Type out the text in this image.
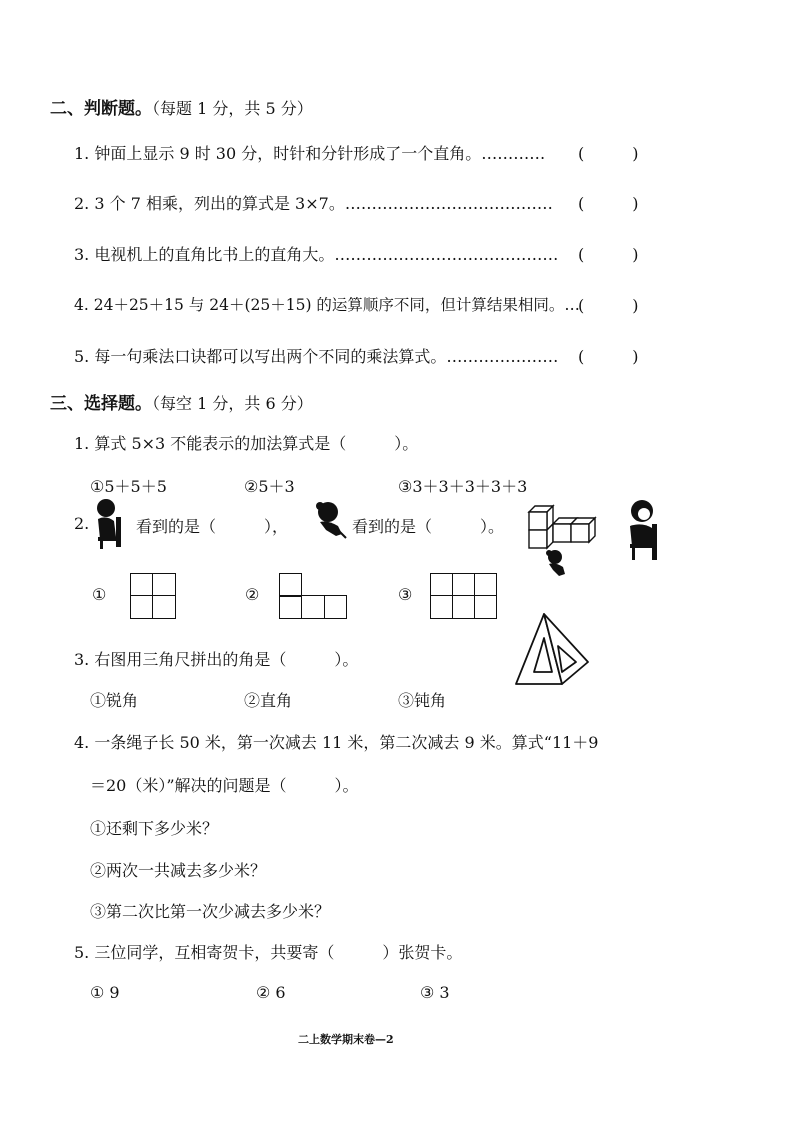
二、判断题。（每题 1 分，共 5 分）
1. 钟面上显示 9 时 30 分，时针和分针形成了一个直角。………… (　　　)
2. 3 个 7 相乘，列出的算式是 3×7。………………………………… (　　　)
3. 电视机上的直角比书上的直角大。…………………………………… (　　　)
4. 24＋25＋15 与 24＋(25＋15) 的运算顺序不同，但计算结果相同。…
(　　　)
5. 每一句乘法口诀都可以写出两个不同的乘法算式。………………… (　　　)
三、选择题。（每空 1 分，共 6 分）
1. 算式 5×3 不能表示的加法算式是（　　　）。
①5＋5＋5	②5＋3	③3＋3＋3＋3＋3
2.	看到的是（　　　），	看到的是（　　　）。
①	②	③
3. 右图用三角尺拼出的角是（　　　）。
①锐角	②直角	③钝角
4. 一条绳子长 50 米，第一次减去 11 米，第二次减去 9 米。算式“11＋9
＝20（米）”解决的问题是（　　　）。
①还剩下多少米？
②两次一共减去多少米？
③第二次比第一次少减去多少米？
5. 三位同学，互相寄贺卡，共要寄（　　　）张贺卡。
① 9	② 6	③ 3
二上数学期末卷—2
